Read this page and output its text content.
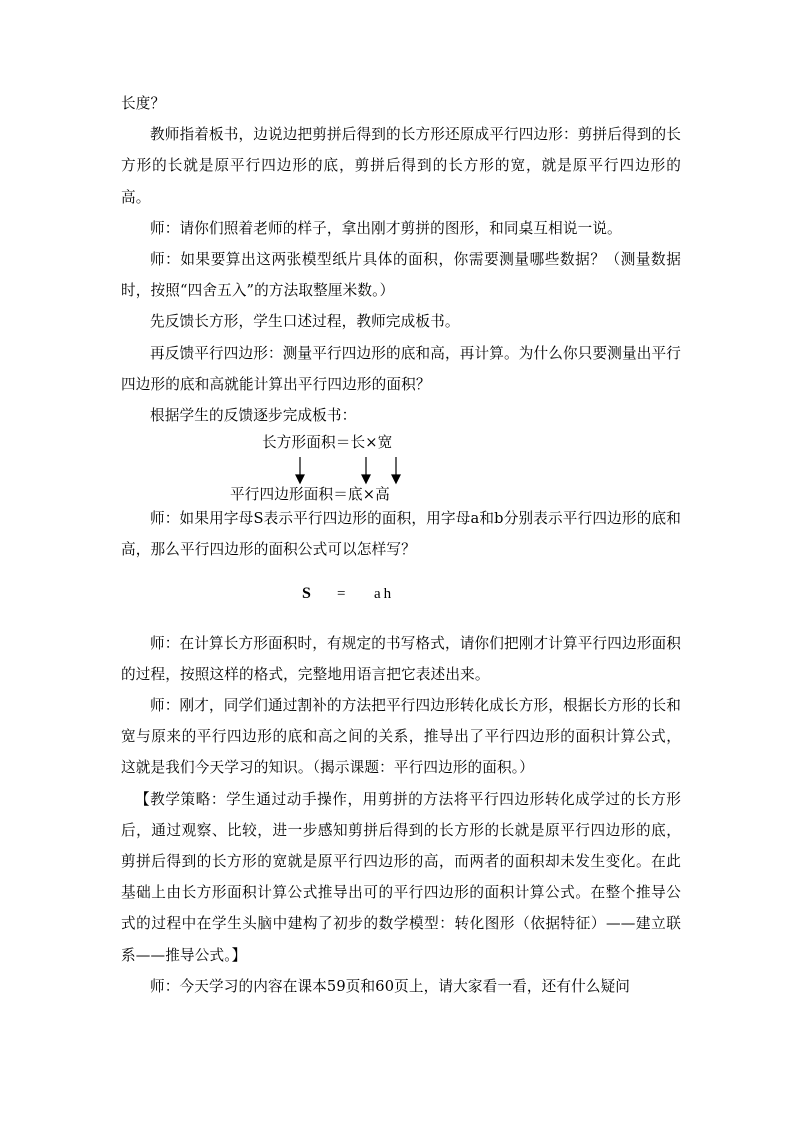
长度？

教师指着板书，边说边把剪拼后得到的长方形还原成平行四边形：剪拼后得到的长方形的长就是原平行四边形的底，剪拼后得到的长方形的宽，就是原平行四边形的高。

师：请你们照着老师的样子，拿出刚才剪拼的图形，和同桌互相说一说。

师：如果要算出这两张模型纸片具体的面积，你需要测量哪些数据？（测量数据时，按照“四舍五入”的方法取整厘米数。）

先反馈长方形，学生口述过程，教师完成板书。

再反馈平行四边形：测量平行四边形的底和高，再计算。为什么你只要测量出平行四边形的底和高就能计算出平行四边形的面积？

根据学生的反馈逐步完成板书：

长方形面积＝长×宽
平行四边形面积＝底×高

师：如果用字母S表示平行四边形的面积，用字母a和b分别表示平行四边形的底和高，那么平行四边形的面积公式可以怎样写？

S = ah

师：在计算长方形面积时，有规定的书写格式，请你们把刚才计算平行四边形面积的过程，按照这样的格式，完整地用语言把它表述出来。

师：刚才，同学们通过割补的方法把平行四边形转化成长方形，根据长方形的长和宽与原来的平行四边形的底和高之间的关系，推导出了平行四边形的面积计算公式，这就是我们今天学习的知识。（揭示课题：平行四边形的面积。）

【教学策略：学生通过动手操作，用剪拼的方法将平行四边形转化成学过的长方形后，通过观察、比较，进一步感知剪拼后得到的长方形的长就是原平行四边形的底，剪拼后得到的长方形的宽就是原平行四边形的高，而两者的面积却未发生变化。在此基础上由长方形面积计算公式推导出可的平行四边形的面积计算公式。在整个推导公式的过程中在学生头脑中建构了初步的数学模型：转化图形（依据特征）——建立联系——推导公式。】

师：今天学习的内容在课本59页和60页上，请大家看一看，还有什么疑问
